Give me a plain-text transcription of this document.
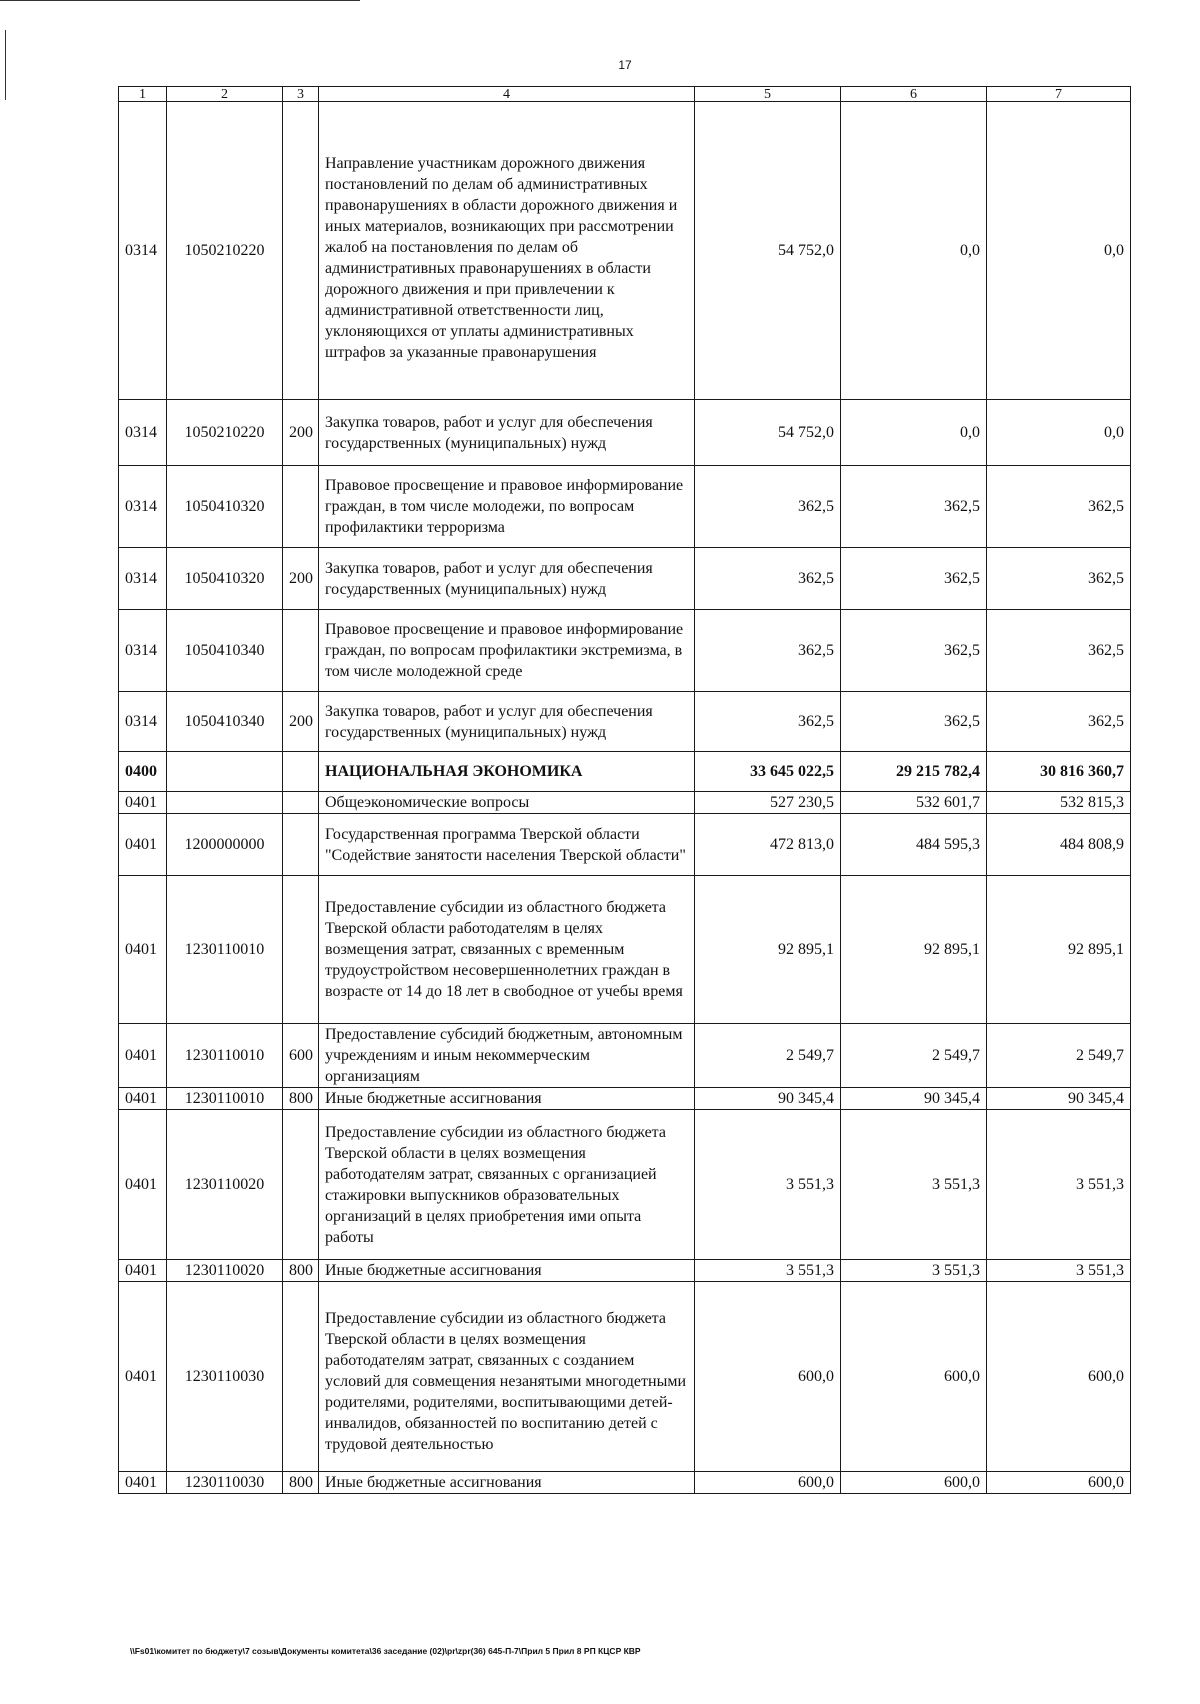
17
1	2	3	4	5	6	7
0314	1050210220		Направление участникам дорожного движения постановлений по делам об административных правонарушениях в области дорожного движения и иных материалов, возникающих при рассмотрении жалоб на постановления по делам об административных правонарушениях в области дорожного движения и при привлечении к административной ответственности лиц, уклоняющихся от уплаты административных штрафов за указанные правонарушения	54 752,0	0,0	0,0
0314	1050210220	200	Закупка товаров, работ и услуг для обеспечения государственных (муниципальных) нужд	54 752,0	0,0	0,0
0314	1050410320		Правовое просвещение и правовое информирование граждан, в том числе молодежи, по вопросам профилактики терроризма	362,5	362,5	362,5
0314	1050410320	200	Закупка товаров, работ и услуг для обеспечения государственных (муниципальных) нужд	362,5	362,5	362,5
0314	1050410340		Правовое просвещение и правовое информирование граждан, по вопросам профилактики экстремизма, в том числе молодежной среде	362,5	362,5	362,5
0314	1050410340	200	Закупка товаров, работ и услуг для обеспечения государственных (муниципальных) нужд	362,5	362,5	362,5
0400			НАЦИОНАЛЬНАЯ ЭКОНОМИКА	33 645 022,5	29 215 782,4	30 816 360,7
0401			Общеэкономические вопросы	527 230,5	532 601,7	532 815,3
0401	1200000000		Государственная программа Тверской области "Содействие занятости населения Тверской области"	472 813,0	484 595,3	484 808,9
0401	1230110010		Предоставление субсидии из областного бюджета Тверской области работодателям в целях возмещения затрат, связанных с временным трудоустройством несовершеннолетних граждан в возрасте от 14 до 18 лет в свободное от учебы время	92 895,1	92 895,1	92 895,1
0401	1230110010	600	Предоставление субсидий бюджетным, автономным учреждениям и иным некоммерческим организациям	2 549,7	2 549,7	2 549,7
0401	1230110010	800	Иные бюджетные ассигнования	90 345,4	90 345,4	90 345,4
0401	1230110020		Предоставление субсидии из областного бюджета Тверской области в целях возмещения работодателям затрат, связанных с организацией стажировки выпускников образовательных организаций в целях приобретения ими опыта работы	3 551,3	3 551,3	3 551,3
0401	1230110020	800	Иные бюджетные ассигнования	3 551,3	3 551,3	3 551,3
0401	1230110030		Предоставление субсидии из областного бюджета Тверской области в целях возмещения работодателям затрат, связанных с созданием условий для совмещения незанятыми многодетными родителями, родителями, воспитывающими детей-инвалидов, обязанностей по воспитанию детей с трудовой деятельностью	600,0	600,0	600,0
0401	1230110030	800	Иные бюджетные ассигнования	600,0	600,0	600,0
\\Fs01\комитет по бюджету\7 созыв\Документы комитета\36 заседание (02)\pr\zpr(36) 645-П-7\Прил 5 Прил 8 РП КЦСР КВР
